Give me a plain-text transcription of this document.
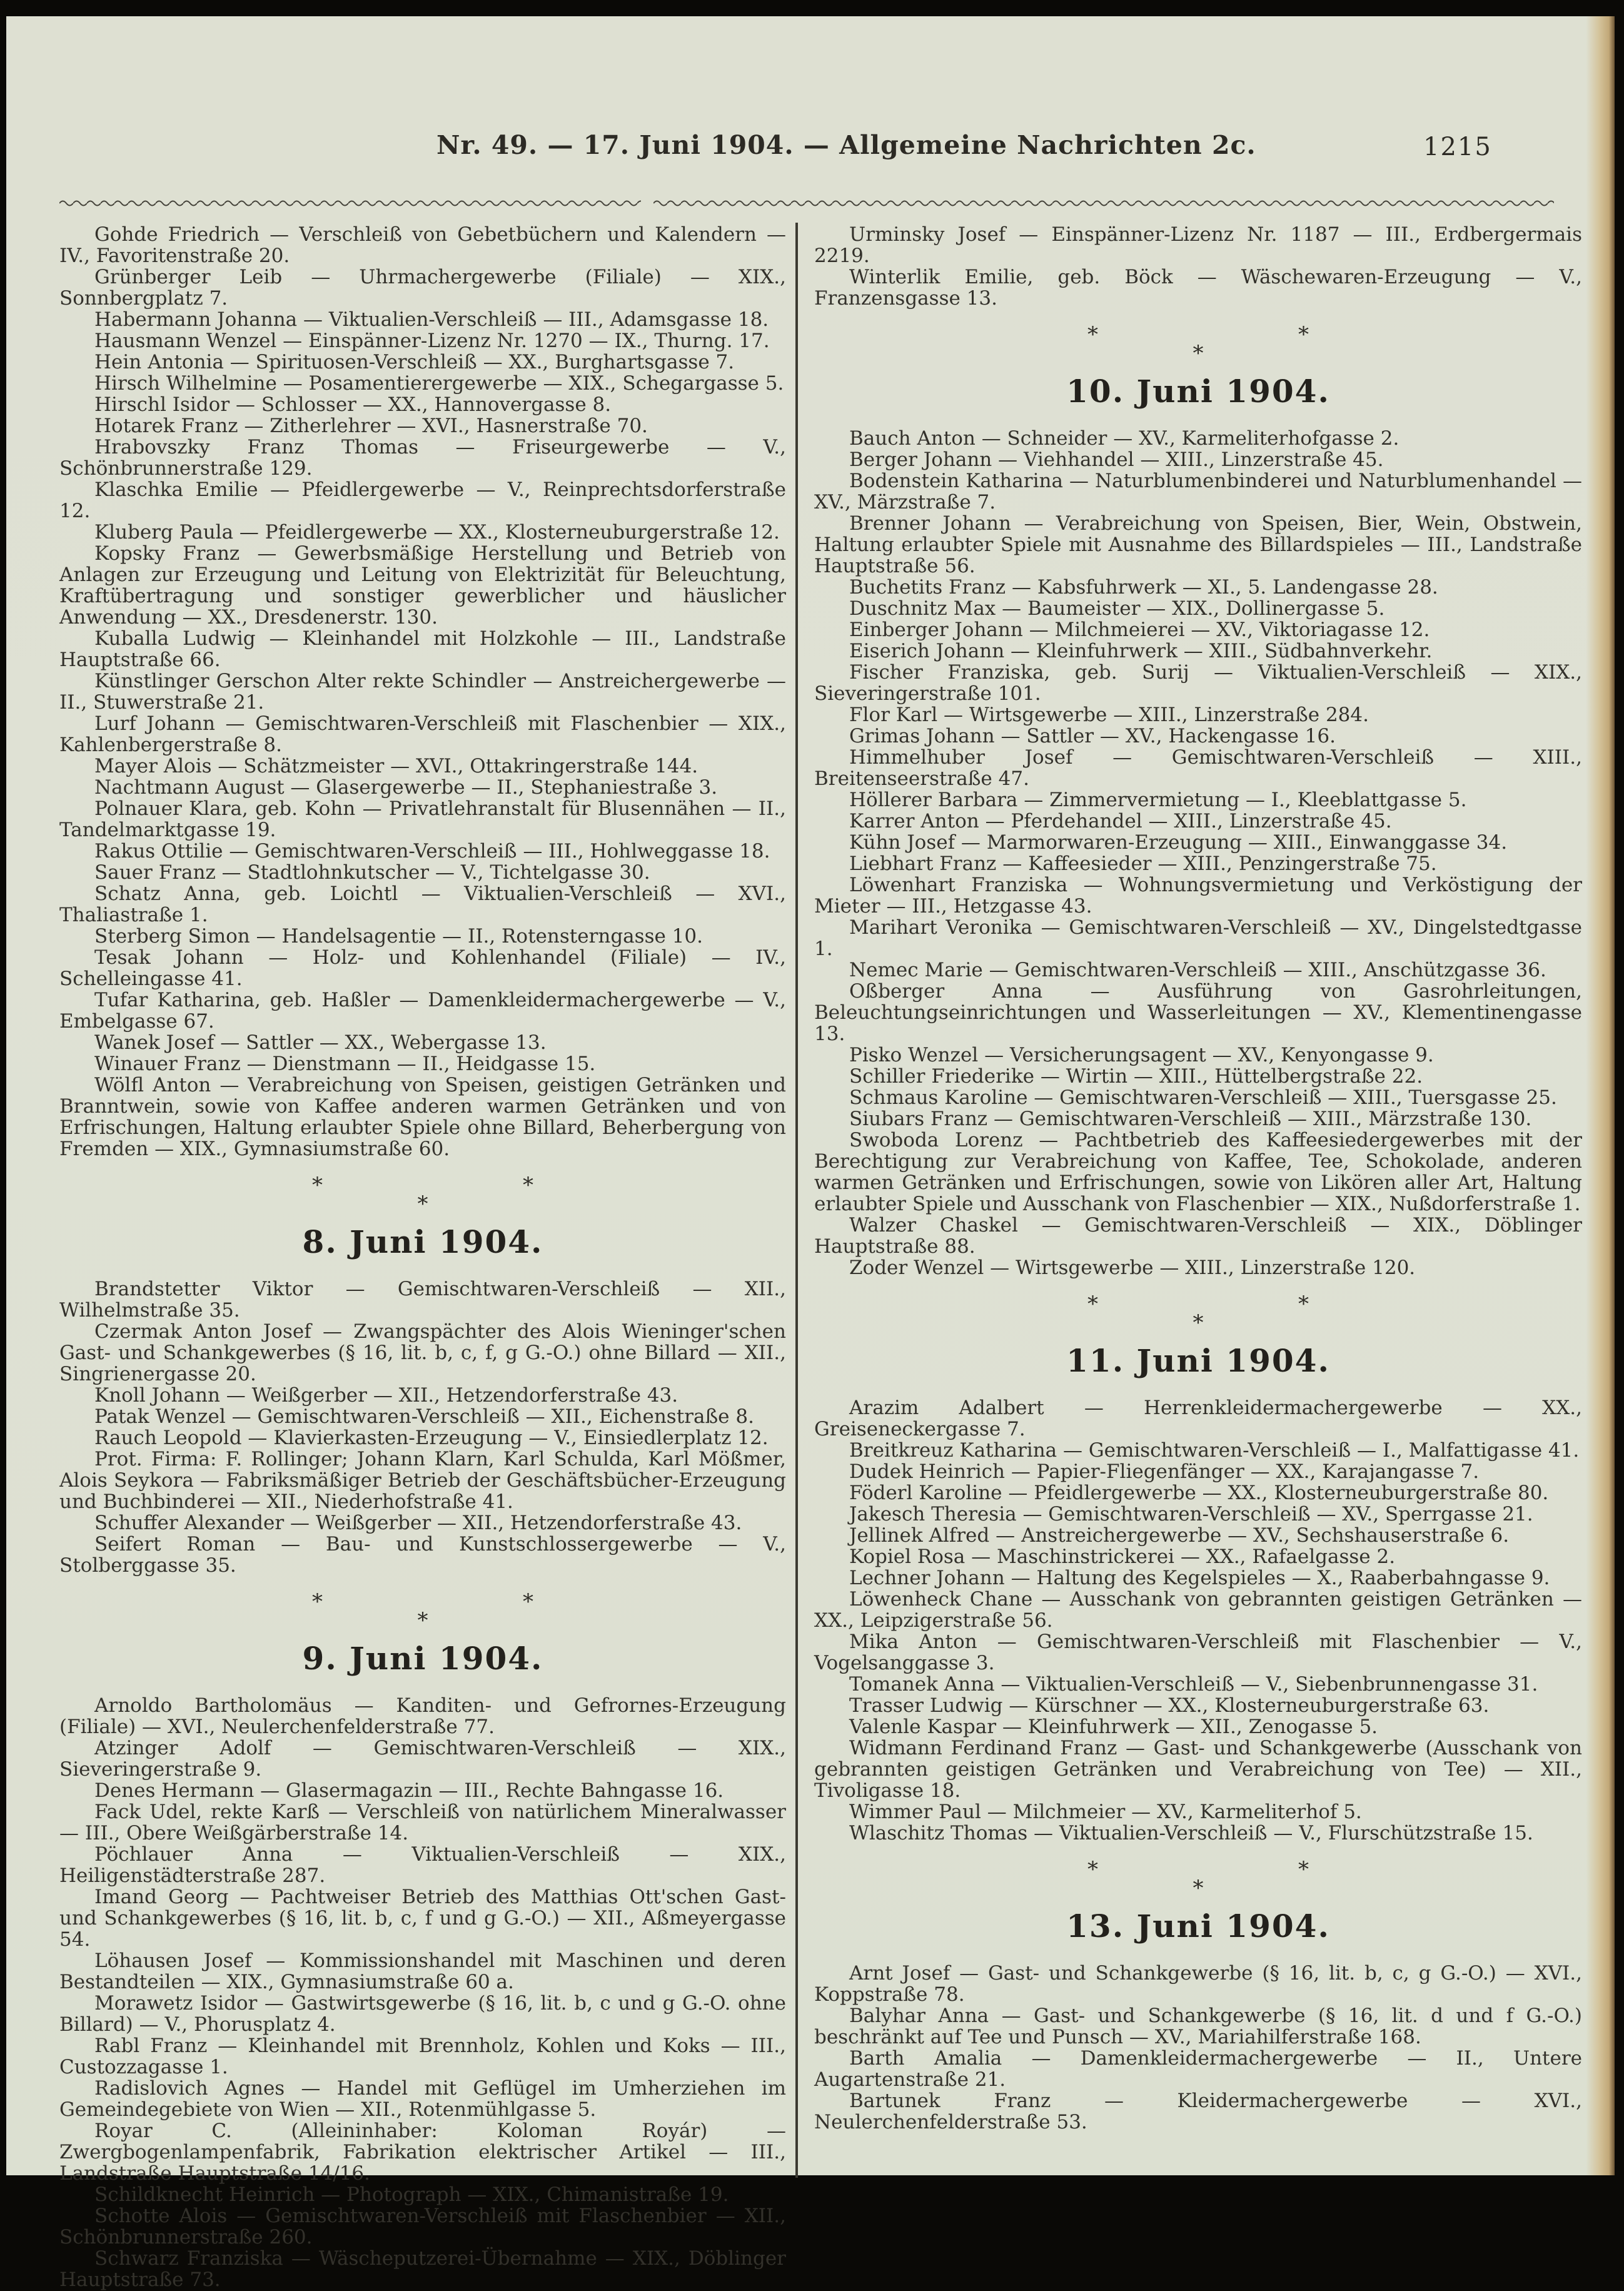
Nr. 49. — 17. Juni 1904. — Allgemeine Nachrichten 2c.	1215

Gohde Friedrich — Verschleiß von Gebetbüchern und Kalendern — IV., Favoritenstraße 20.

Grünberger Leib — Uhrmachergewerbe (Filiale) — XIX., Sonnbergplatz 7.

Habermann Johanna — Viktualien-Verschleiß — III., Adamsgasse 18.

Hausmann Wenzel — Einspänner-Lizenz Nr. 1270 — IX., Thurng. 17.

Hein Antonia — Spirituosen-Verschleiß — XX., Burghartsgasse 7.

Hirsch Wilhelmine — Posamentierergewerbe — XIX., Schegargasse 5.

Hirschl Isidor — Schlosser — XX., Hannovergasse 8.

Hotarek Franz — Zitherlehrer — XVI., Hasnerstraße 70.

Hrabovszky Franz Thomas — Friseurgewerbe — V., Schönbrunnerstraße 129.

Klaschka Emilie — Pfeidlergewerbe — V., Reinprechtsdorferstraße 12.

Kluberg Paula — Pfeidlergewerbe — XX., Klosterneuburgerstraße 12.

Kopsky Franz — Gewerbsmäßige Herstellung und Betrieb von Anlagen zur Erzeugung und Leitung von Elektrizität für Beleuchtung, Kraftübertragung und sonstiger gewerblicher und häuslicher Anwendung — XX., Dresdenerstr. 130.

Kuballa Ludwig — Kleinhandel mit Holzkohle — III., Landstraße Hauptstraße 66.

Künstlinger Gerschon Alter rekte Schindler — Anstreichergewerbe — II., Stuwerstraße 21.

Lurf Johann — Gemischtwaren-Verschleiß mit Flaschenbier — XIX., Kahlenbergerstraße 8.

Mayer Alois — Schätzmeister — XVI., Ottakringerstraße 144.

Nachtmann August — Glasergewerbe — II., Stephaniestraße 3.

Polnauer Klara, geb. Kohn — Privatlehranstalt für Blusennähen — II., Tandelmarktgasse 19.

Rakus Ottilie — Gemischtwaren-Verschleiß — III., Hohlweggasse 18.

Sauer Franz — Stadtlohnkutscher — V., Tichtelgasse 30.

Schatz Anna, geb. Loichtl — Viktualien-Verschleiß — XVI., Thaliastraße 1.

Sterberg Simon — Handelsagentie — II., Rotensterngasse 10.

Tesak Johann — Holz- und Kohlenhandel (Filiale) — IV., Schelleingasse 41.

Tufar Katharina, geb. Haßler — Damenkleidermachergewerbe — V., Embelgasse 67.

Wanek Josef — Sattler — XX., Webergasse 13.

Winauer Franz — Dienstmann — II., Heidgasse 15.

Wölfl Anton — Verabreichung von Speisen, geistigen Getränken und Branntwein, sowie von Kaffee anderen warmen Getränken und von Erfrischungen, Haltung erlaubter Spiele ohne Billard, Beherbergung von Fremden — XIX., Gymnasiumstraße 60.

*	*
*
8. Juni 1904.

Brandstetter Viktor — Gemischtwaren-Verschleiß — XII., Wilhelmstraße 35.

Czermak Anton Josef — Zwangspächter des Alois Wieninger'schen Gast- und Schankgewerbes (§ 16, lit. b, c, f, g G.-O.) ohne Billard — XII., Singrienergasse 20.

Knoll Johann — Weißgerber — XII., Hetzendorferstraße 43.

Patak Wenzel — Gemischtwaren-Verschleiß — XII., Eichenstraße 8.

Rauch Leopold — Klavierkasten-Erzeugung — V., Einsiedlerplatz 12.

Prot. Firma: F. Rollinger; Johann Klarn, Karl Schulda, Karl Mößmer, Alois Seykora — Fabriksmäßiger Betrieb der Geschäftsbücher-Erzeugung und Buchbinderei — XII., Niederhofstraße 41.

Schuffer Alexander — Weißgerber — XII., Hetzendorferstraße 43.

Seifert Roman — Bau- und Kunstschlossergewerbe — V., Stolberggasse 35.

*	*
*
9. Juni 1904.

Arnoldo Bartholomäus — Kanditen- und Gefrornes-Erzeugung (Filiale) — XVI., Neulerchenfelderstraße 77.

Atzinger Adolf — Gemischtwaren-Verschleiß — XIX., Sieveringerstraße 9.

Denes Hermann — Glasermagazin — III., Rechte Bahngasse 16.

Fack Udel, rekte Karß — Verschleiß von natürlichem Mineralwasser — III., Obere Weißgärberstraße 14.

Pöchlauer Anna — Viktualien-Verschleiß — XIX., Heiligenstädterstraße 287.

Imand Georg — Pachtweiser Betrieb des Matthias Ott'schen Gast- und Schankgewerbes (§ 16, lit. b, c, f und g G.-O.) — XII., Aßmeyergasse 54.

Löhausen Josef — Kommissionshandel mit Maschinen und deren Bestandteilen — XIX., Gymnasiumstraße 60 a.

Morawetz Isidor — Gastwirtsgewerbe (§ 16, lit. b, c und g G.-O. ohne Billard) — V., Phorusplatz 4.

Rabl Franz — Kleinhandel mit Brennholz, Kohlen und Koks — III., Custozzagasse 1.

Radislovich Agnes — Handel mit Geflügel im Umherziehen im Gemeindegebiete von Wien — XII., Rotenmühlgasse 5.

Royar C. (Alleininhaber: Koloman Royár) — Zwergbogenlampenfabrik, Fabrikation elektrischer Artikel — III., Landstraße Hauptstraße 14/16.

Schildknecht Heinrich — Photograph — XIX., Chimanistraße 19.

Schotte Alois — Gemischtwaren-Verschleiß mit Flaschenbier — XII., Schönbrunnerstraße 260.

Schwarz Franziska — Wäscheputzerei-Übernahme — XIX., Döblinger Hauptstraße 73.

Urminsky Josef — Einspänner-Lizenz Nr. 1187 — III., Erdbergermais 2219.

Winterlik Emilie, geb. Böck — Wäschewaren-Erzeugung — V., Franzensgasse 13.

*	*
*
10. Juni 1904.

Bauch Anton — Schneider — XV., Karmeliterhofgasse 2.

Berger Johann — Viehhandel — XIII., Linzerstraße 45.

Bodenstein Katharina — Naturblumenbinderei und Naturblumenhandel — XV., Märzstraße 7.

Brenner Johann — Verabreichung von Speisen, Bier, Wein, Obstwein, Haltung erlaubter Spiele mit Ausnahme des Billardspieles — III., Landstraße Hauptstraße 56.

Buchetits Franz — Kabsfuhrwerk — XI., 5. Landengasse 28.

Duschnitz Max — Baumeister — XIX., Dollinergasse 5.

Einberger Johann — Milchmeierei — XV., Viktoriagasse 12.

Eiserich Johann — Kleinfuhrwerk — XIII., Südbahnverkehr.

Fischer Franziska, geb. Surij — Viktualien-Verschleiß — XIX., Sieveringerstraße 101.

Flor Karl — Wirtsgewerbe — XIII., Linzerstraße 284.

Grimas Johann — Sattler — XV., Hackengasse 16.

Himmelhuber Josef — Gemischtwaren-Verschleiß — XIII., Breitenseerstraße 47.

Höllerer Barbara — Zimmervermietung — I., Kleeblattgasse 5.

Karrer Anton — Pferdehandel — XIII., Linzerstraße 45.

Kühn Josef — Marmorwaren-Erzeugung — XIII., Einwanggasse 34.

Liebhart Franz — Kaffeesieder — XIII., Penzingerstraße 75.

Löwenhart Franziska — Wohnungsvermietung und Verköstigung der Mieter — III., Hetzgasse 43.

Marihart Veronika — Gemischtwaren-Verschleiß — XV., Dingelstedtgasse 1.

Nemec Marie — Gemischtwaren-Verschleiß — XIII., Anschützgasse 36.

Oßberger Anna — Ausführung von Gasrohrleitungen, Beleuchtungseinrichtungen und Wasserleitungen — XV., Klementinengasse 13.

Pisko Wenzel — Versicherungsagent — XV., Kenyongasse 9.

Schiller Friederike — Wirtin — XIII., Hüttelbergstraße 22.

Schmaus Karoline — Gemischtwaren-Verschleiß — XIII., Tuersgasse 25.

Siubars Franz — Gemischtwaren-Verschleiß — XIII., Märzstraße 130.

Swoboda Lorenz — Pachtbetrieb des Kaffeesiedergewerbes mit der Berechtigung zur Verabreichung von Kaffee, Tee, Schokolade, anderen warmen Getränken und Erfrischungen, sowie von Likören aller Art, Haltung erlaubter Spiele und Ausschank von Flaschenbier — XIX., Nußdorferstraße 1.

Walzer Chaskel — Gemischtwaren-Verschleiß — XIX., Döblinger Hauptstraße 88.

Zoder Wenzel — Wirtsgewerbe — XIII., Linzerstraße 120.

*	*
*
11. Juni 1904.

Arazim Adalbert — Herrenkleidermachergewerbe — XX., Greiseneckergasse 7.

Breitkreuz Katharina — Gemischtwaren-Verschleiß — I., Malfattigasse 41.

Dudek Heinrich — Papier-Fliegenfänger — XX., Karajangasse 7.

Föderl Karoline — Pfeidlergewerbe — XX., Klosterneuburgerstraße 80.

Jakesch Theresia — Gemischtwaren-Verschleiß — XV., Sperrgasse 21.

Jellinek Alfred — Anstreichergewerbe — XV., Sechshauserstraße 6.

Kopiel Rosa — Maschinstrickerei — XX., Rafaelgasse 2.

Lechner Johann — Haltung des Kegelspieles — X., Raaberbahngasse 9.

Löwenheck Chane — Ausschank von gebrannten geistigen Getränken — XX., Leipzigerstraße 56.

Mika Anton — Gemischtwaren-Verschleiß mit Flaschenbier — V., Vogelsanggasse 3.

Tomanek Anna — Viktualien-Verschleiß — V., Siebenbrunnengasse 31.

Trasser Ludwig — Kürschner — XX., Klosterneuburgerstraße 63.

Valenle Kaspar — Kleinfuhrwerk — XII., Zenogasse 5.

Widmann Ferdinand Franz — Gast- und Schankgewerbe (Ausschank von gebrannten geistigen Getränken und Verabreichung von Tee) — XII., Tivoligasse 18.

Wimmer Paul — Milchmeier — XV., Karmeliterhof 5.

Wlaschitz Thomas — Viktualien-Verschleiß — V., Flurschützstraße 15.

*	*
*
13. Juni 1904.

Arnt Josef — Gast- und Schankgewerbe (§ 16, lit. b, c, g G.-O.) — XVI., Koppstraße 78.

Balyhar Anna — Gast- und Schankgewerbe (§ 16, lit. d und f G.-O.) beschränkt auf Tee und Punsch — XV., Mariahilferstraße 168.

Barth Amalia — Damenkleidermachergewerbe — II., Untere Augartenstraße 21.

Bartunek Franz — Kleidermachergewerbe — XVI., Neulerchenfelderstraße 53.
